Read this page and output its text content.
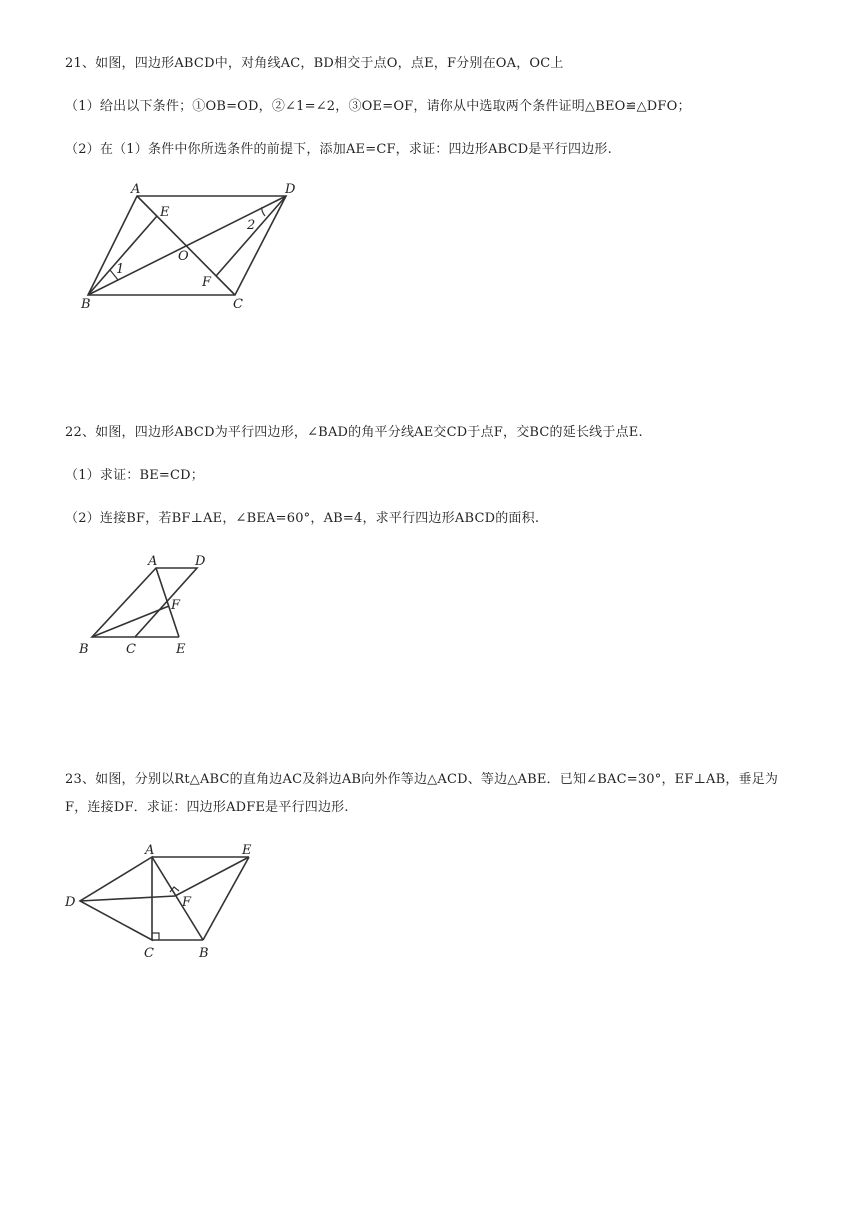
21、如图，四边形ABCD中，对角线AC，BD相交于点O，点E，F分别在OA，OC上
（1）给出以下条件；①OB=OD，②∠1=∠2，③OE=OF，请你从中选取两个条件证明△BEO≌△DFO；
（2）在（1）条件中你所选条件的前提下，添加AE=CF，求证：四边形ABCD是平行四边形.
A	D
B	C
E
F
O
1
2
22、如图，四边形ABCD为平行四边形，∠BAD的角平分线AE交CD于点F，交BC的延长线于点E.
（1）求证：BE=CD；
（2）连接BF，若BF⊥AE，∠BEA=60°，AB=4，求平行四边形ABCD的面积.
A	D
B	C	E
F
23、如图，分别以Rt△ABC的直角边AC及斜边AB向外作等边△ACD、等边△ABE．已知∠BAC=30°，EF⊥AB，垂足为
F，连接DF．求证：四边形ADFE是平行四边形.
A	E
D	F
C	B
